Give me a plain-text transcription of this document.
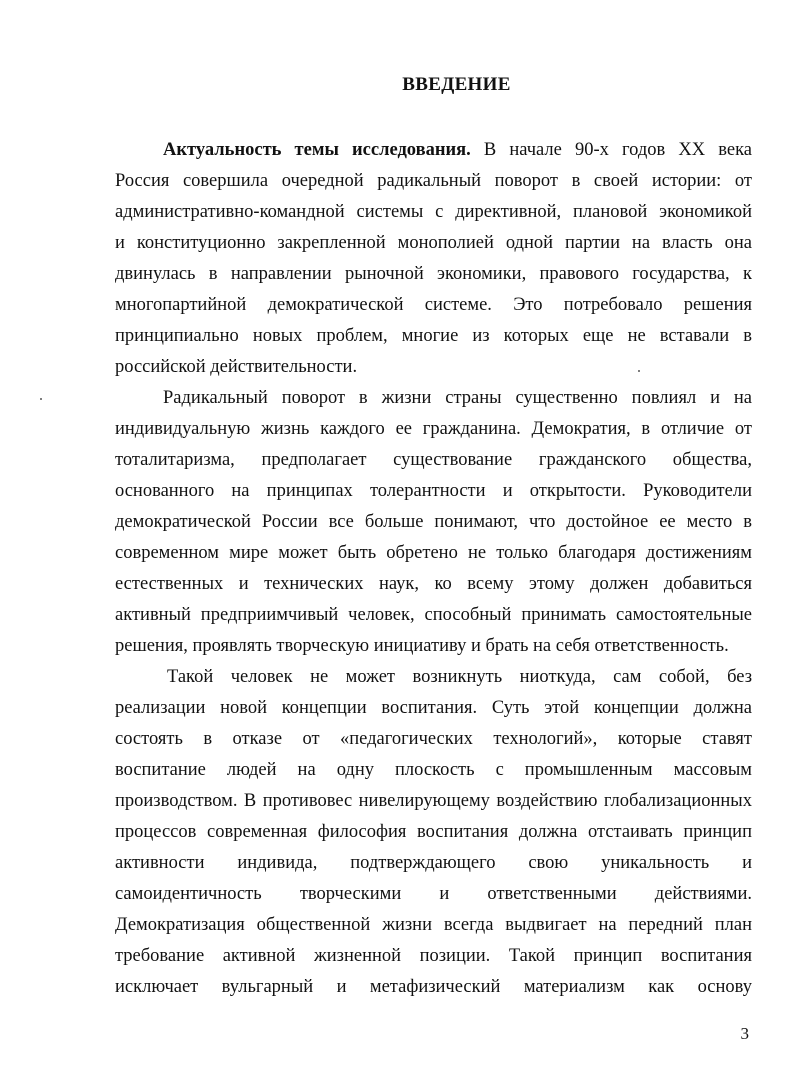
ВВЕДЕНИЕ
Актуальность темы исследования. В начале 90-х годов XX века
Россия совершила очередной радикальный поворот в своей истории: от
административно-командной системы с директивной, плановой экономикой
и конституционно закрепленной монополией одной партии на власть она
двинулась в направлении рыночной экономики, правового государства, к
многопартийной демократической системе. Это потребовало решения
принципиально новых проблем, многие из которых еще не вставали в
российской действительности.
Радикальный поворот в жизни страны существенно повлиял и на
индивидуальную жизнь каждого ее гражданина. Демократия, в отличие от
тоталитаризма, предполагает существование гражданского общества,
основанного на принципах толерантности и открытости. Руководители
демократической России все больше понимают, что достойное ее место в
современном мире может быть обретено не только благодаря достижениям
естественных и технических наук, ко всему этому должен добавиться
активный предприимчивый человек, способный принимать самостоятельные
решения, проявлять творческую инициативу и брать на себя ответственность.
Такой человек не может возникнуть ниоткуда, сам собой, без
реализации новой концепции воспитания. Суть этой концепции должна
состоять в отказе от «педагогических технологий», которые ставят
воспитание людей на одну плоскость с промышленным массовым
производством. В противовес нивелирующему воздействию глобализационных
процессов современная философия воспитания должна отстаивать принцип
активности индивида, подтверждающего свою уникальность и
самоидентичность творческими и ответственными действиями.
Демократизация общественной жизни всегда выдвигает на передний план
требование активной жизненной позиции. Такой принцип воспитания
исключает вульгарный и метафизический материализм как основу
3
